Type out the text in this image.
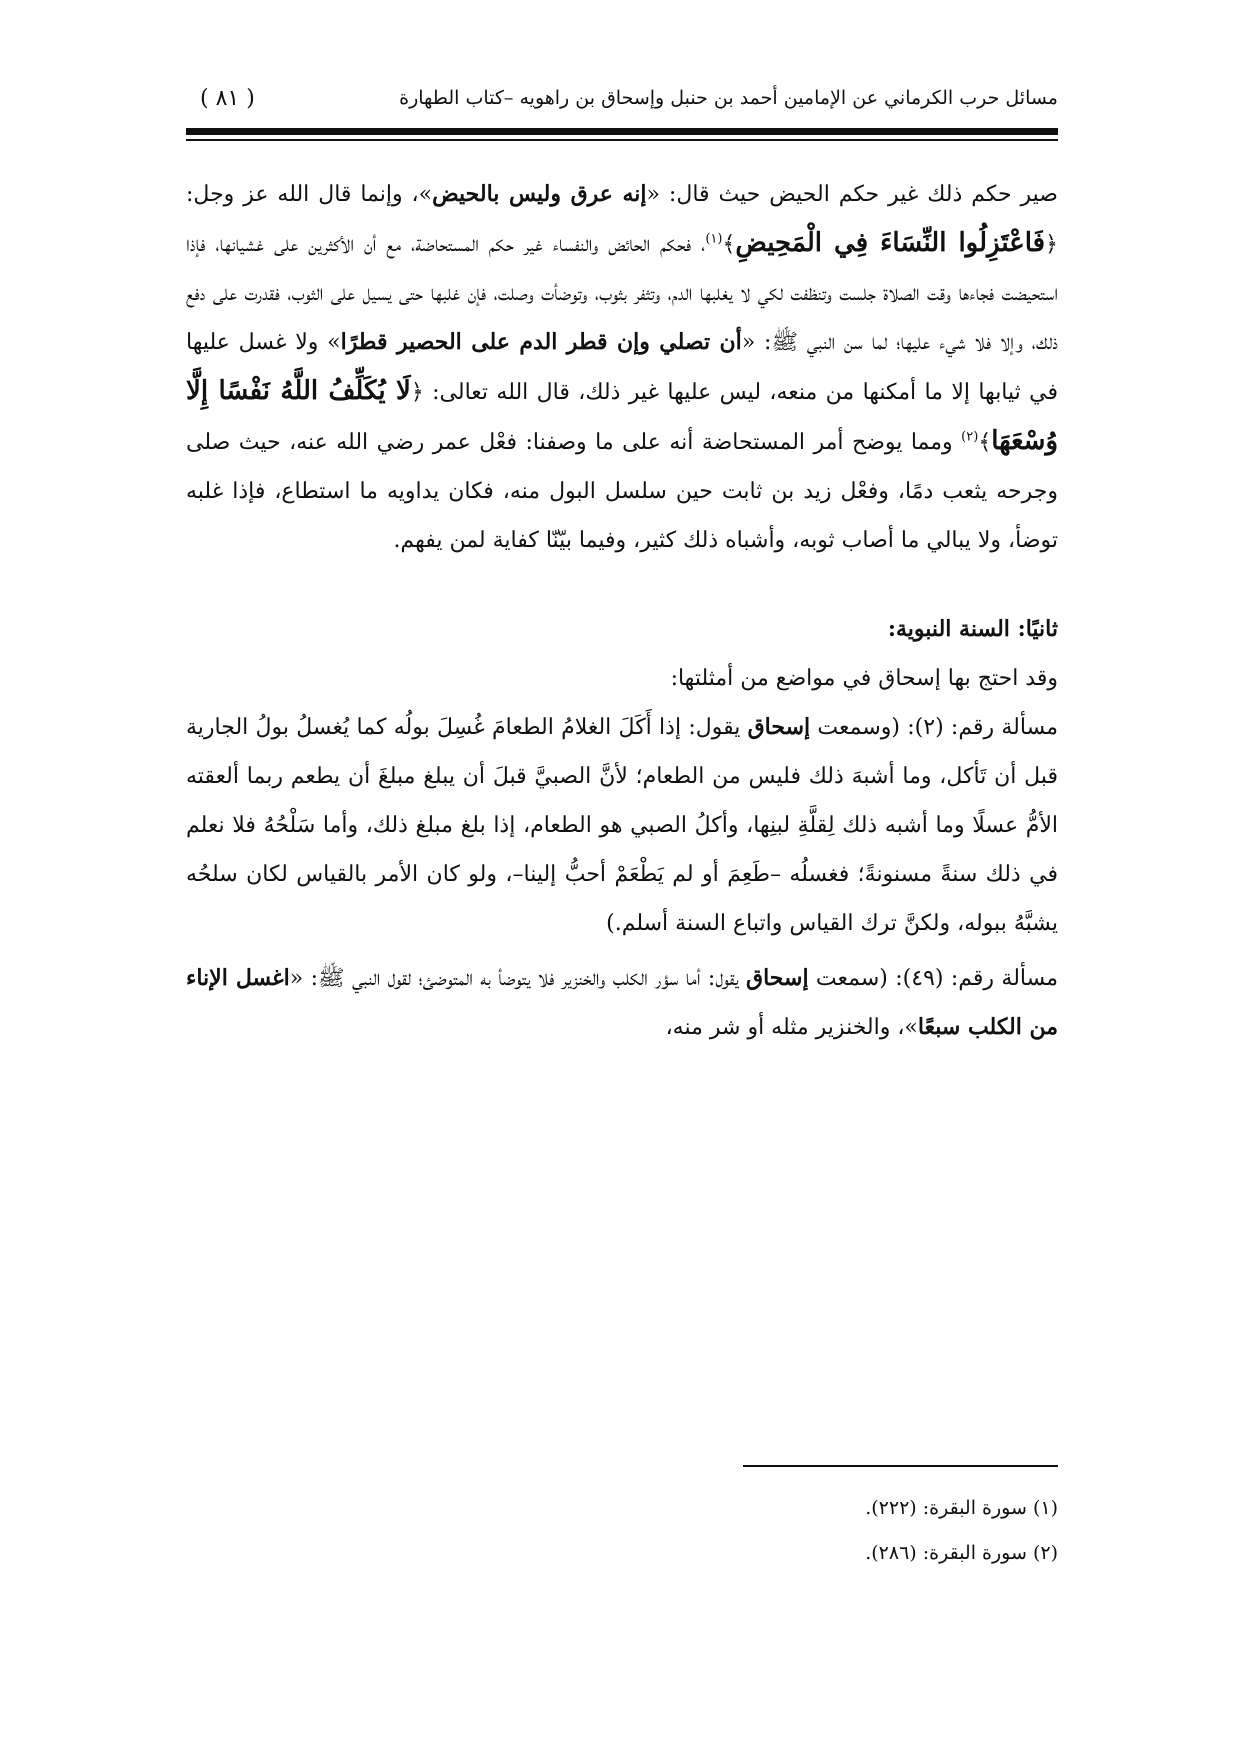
مسائل حرب الكرماني عن الإمامين أحمد بن حنبل وإسحاق بن راهويه –كتاب الطهارة
( ٨١ )

صير حكم ذلك غير حكم الحيض حيث قال: «إنه عرق وليس بالحيض»، وإنما قال الله عز وجل: ﴿فَاعْتَزِلُوا النِّسَاءَ فِي الْمَحِيضِ﴾$^{(١)}$، فحكم الحائض والنفساء غير حكم المستحاضة، مع أن الأكثرين على غشيانها، فإذا استحيضت فجاءها وقت الصلاة جلست وتنظفت لكي لا يغلبها الدم، وتثفر بثوب، وتوضأت وصلت، فإن غلبها حتى يسيل على الثوب، فقدرت على دفع ذلك، وإلا فلا شيء عليها؛ لما سن النبي ﷺ: «أن تصلي وإن قطر الدم على الحصير قطرًا» ولا غسل عليها في ثيابها إلا ما أمكنها من منعه، ليس عليها غير ذلك، قال الله تعالى: ﴿لَا يُكَلِّفُ اللَّهُ نَفْسًا إِلَّا وُسْعَهَا﴾$^{(٢)}$ ومما يوضح أمر المستحاضة أنه على ما وصفنا: فعْل عمر رضي الله عنه، حيث صلى وجرحه يثعب دمًا، وفعْل زيد بن ثابت حين سلسل البول منه، فكان يداويه ما استطاع، فإذا غلبه توضأ، ولا يبالي ما أصاب ثوبه، وأشباه ذلك كثير، وفيما بيّنّا كفاية لمن يفهم.

ثانيًا: السنة النبوية:

وقد احتج بها إسحاق في مواضع من أمثلتها:

مسألة رقم: (٢): (وسمعت إسحاق يقول: إذا أَكَلَ الغلامُ الطعامَ غُسِلَ بولُه كما يُغسلُ بولُ الجارية قبل أن تَأكل، وما أشبهَ ذلك فليس من الطعام؛ لأنَّ الصبيَّ قبلَ أن يبلغ مبلغَ أن يطعم ربما ألعقته الأمُّ عسلًا وما أشبه ذلك لِقلَّةِ لبنِها، وأكلُ الصبي هو الطعام، إذا بلغ مبلغ ذلك، وأما سَلْحُهُ فلا نعلم في ذلك سنةً مسنونةً؛ فغسلُه –طَعِمَ أو لم يَطْعَمْ أحبُّ إلينا–، ولو كان الأمر بالقياس لكان سلحُه يشبَّهُ ببوله، ولكنَّ ترك القياس واتباع السنة أسلم.)

مسألة رقم: (٤٩): (سمعت إسحاق يقول: أما سؤر الكلب والخنزير فلا يتوضأ به المتوضئ؛ لقول النبي ﷺ: «اغسل الإناء من الكلب سبعًا»، والخنزير مثله أو شر منه،

(١) سورة البقرة: (٢٢٢).
(٢) سورة البقرة: (٢٨٦).
